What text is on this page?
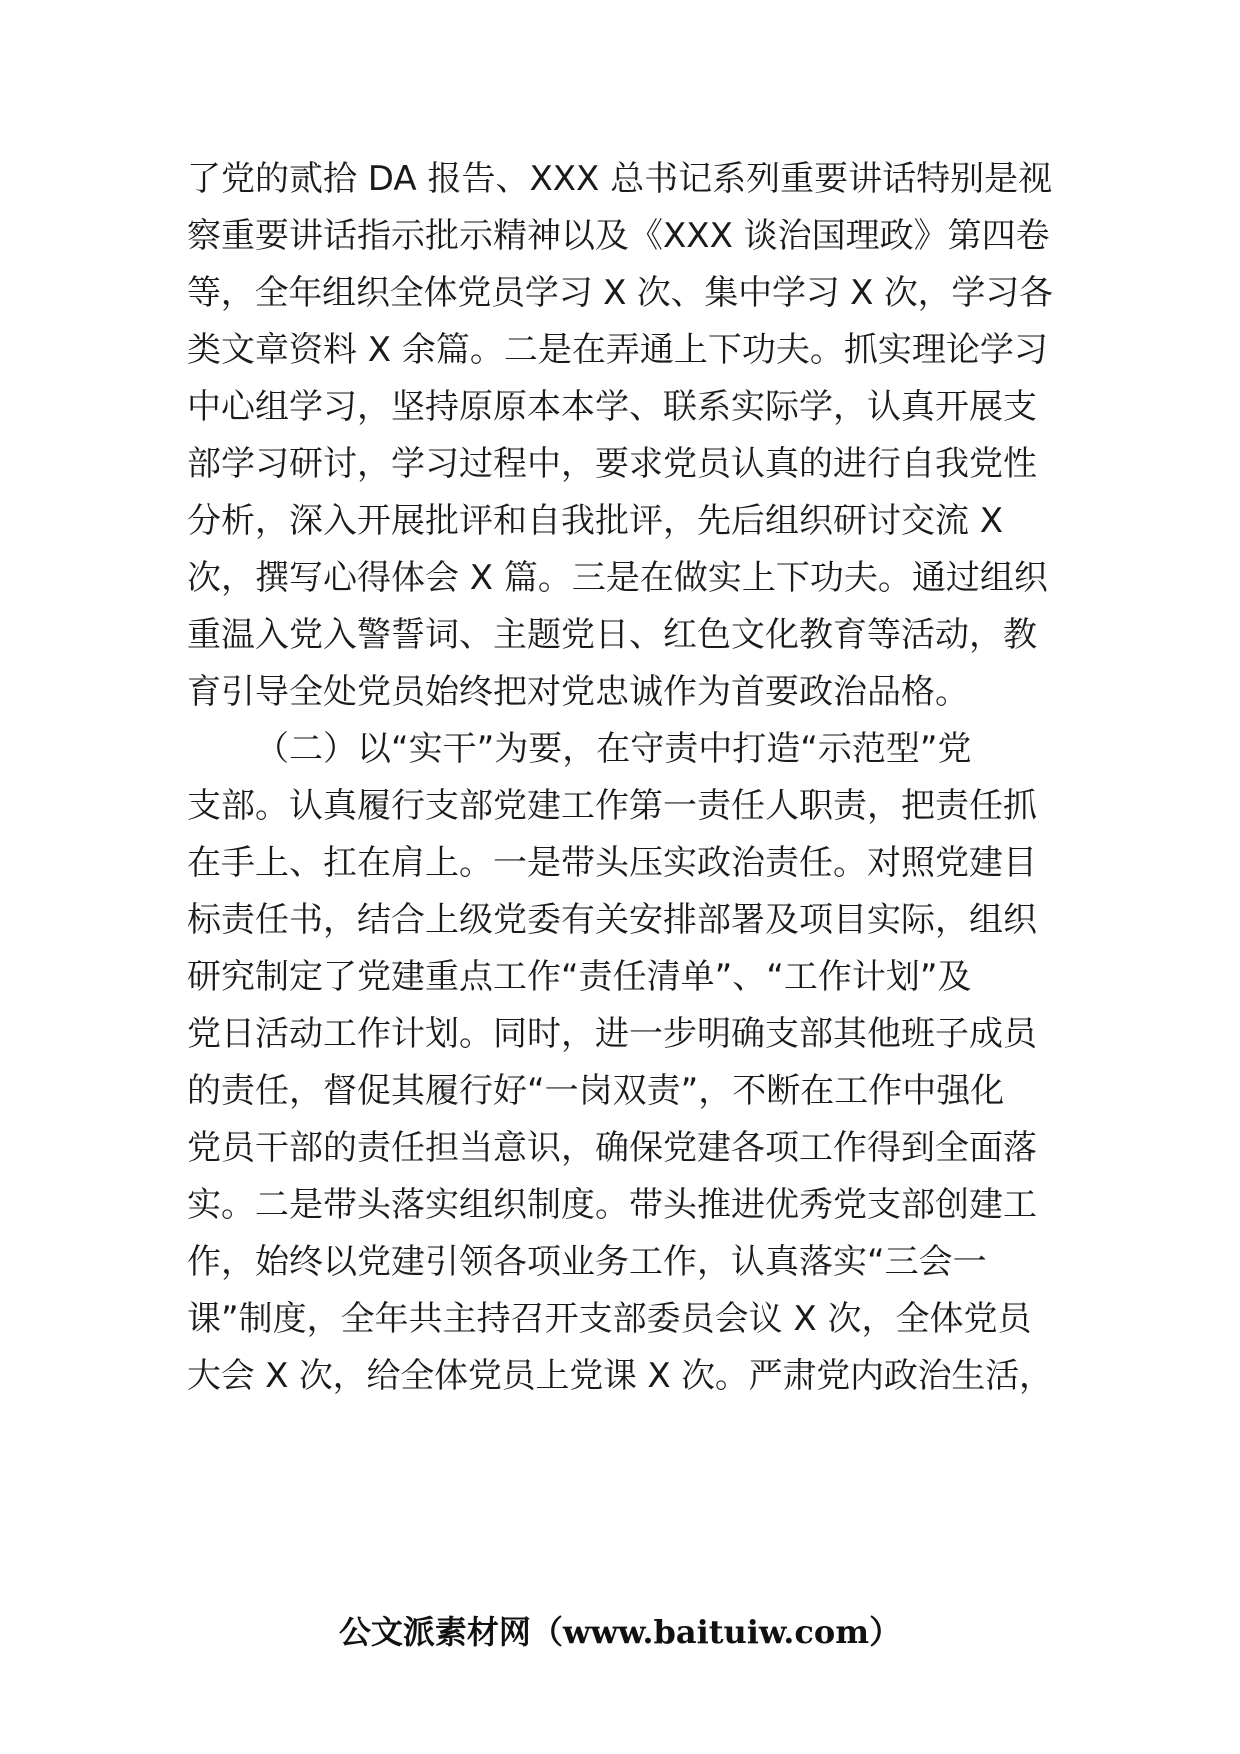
了党的贰拾 DA 报告、XXX 总书记系列重要讲话特别是视
察重要讲话指示批示精神以及《XXX 谈治国理政》第四卷
等，全年组织全体党员学习 X 次、集中学习 X 次，学习各
类文章资料 X 余篇。二是在弄通上下功夫。抓实理论学习
中心组学习，坚持原原本本学、联系实际学，认真开展支
部学习研讨，学习过程中，要求党员认真的进行自我党性
分析，深入开展批评和自我批评，先后组织研讨交流 X
次，撰写心得体会 X 篇。三是在做实上下功夫。通过组织
重温入党入警誓词、主题党日、红色文化教育等活动，教
育引导全处党员始终把对党忠诚作为首要政治品格。
（二）以“实干”为要，在守责中打造“示范型”党
支部。认真履行支部党建工作第一责任人职责，把责任抓
在手上、扛在肩上。一是带头压实政治责任。对照党建目
标责任书，结合上级党委有关安排部署及项目实际，组织
研究制定了党建重点工作“责任清单”、“工作计划”及
党日活动工作计划。同时，进一步明确支部其他班子成员
的责任，督促其履行好“一岗双责”，不断在工作中强化
党员干部的责任担当意识，确保党建各项工作得到全面落
实。二是带头落实组织制度。带头推进优秀党支部创建工
作，始终以党建引领各项业务工作，认真落实“三会一
课”制度，全年共主持召开支部委员会议 X 次，全体党员
大会 X 次，给全体党员上党课 X 次。严肃党内政治生活，
公文派素材网（www.baituiw.com）
